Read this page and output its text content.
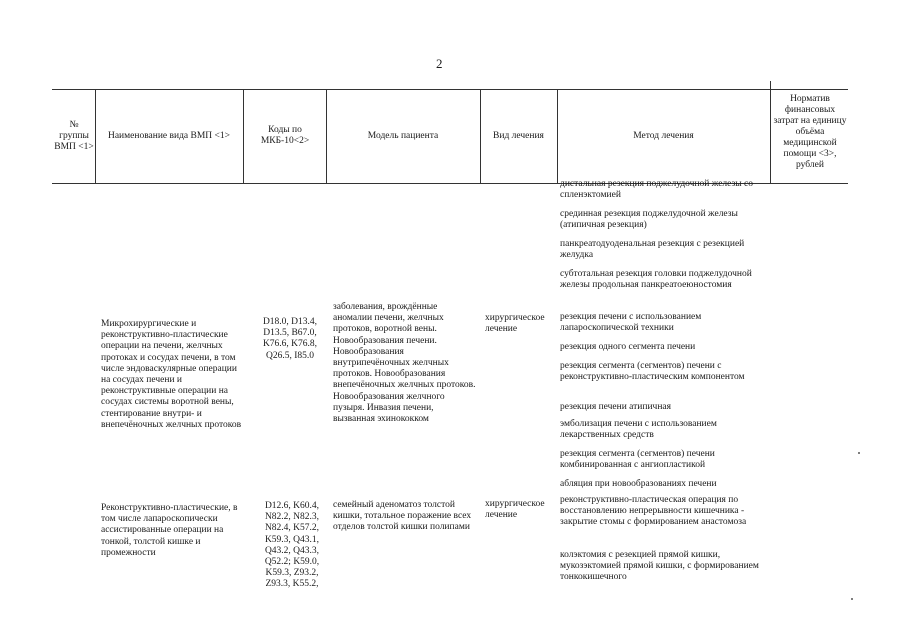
2
№ группы ВМП <1>
Наименование вида ВМП <1>
Коды по МКБ-10<2>
Модель пациента	Вид лечения	Метод лечения
Норматив финансовых затрат на единицу объёма медицинской помощи <3>, рублей
дистальная резекция поджелудочной железы со спленэктомией
срединная резекция поджелудочной железы (атипичная резекция)
панкреатодуоденальная резекция с резекцией желудка
субтотальная резекция головки поджелудочной железы продольная панкреатоеюностомия
Микрохирургические и реконструктивно-пластические операции на печени, желчных протоках и сосудах печени, в том числе эндоваскулярные операции на сосудах печени и реконструктивные операции на сосудах системы воротной вены, стентирование внутри- и внепечёночных желчных протоков
D18.0, D13.4, D13.5, B67.0, K76.6, K76.8, Q26.5, I85.0
заболевания, врождённые аномалии печени, желчных протоков, воротной вены. Новообразования печени. Новообразования внутрипечёночных желчных протоков. Новообразования внепечёночных желчных протоков. Новообразования желчного пузыря. Инвазия печени, вызванная эхинококком
хирургическое лечение
резекция печени с использованием лапароскопической техники
резекция одного сегмента печени
резекция сегмента (сегментов) печени с реконструктивно-пластическим компонентом
резекция печени атипичная
эмболизация печени с использованием лекарственных средств
резекция сегмента (сегментов) печени комбинированная с ангиопластикой
абляция при новообразованиях печени
Реконструктивно-пластические, в том числе лапароскопически ассистированные операции на тонкой, толстой кишке и промежности
D12.6, K60.4, N82.2, N82.3, N82.4, K57.2, K59.3, Q43.1, Q43.2, Q43.3, Q52.2; K59.0, K59.3, Z93.2, Z93.3, K55.2,
семейный аденоматоз толстой кишки, тотальное поражение всех отделов толстой кишки полипами
хирургическое лечение
реконструктивно-пластическая операция по восстановлению непрерывности кишечника - закрытие стомы с формированием анастомоза
колэктомия с резекцией прямой кишки, мукозэктомией прямой кишки, с формированием тонкокишечного
